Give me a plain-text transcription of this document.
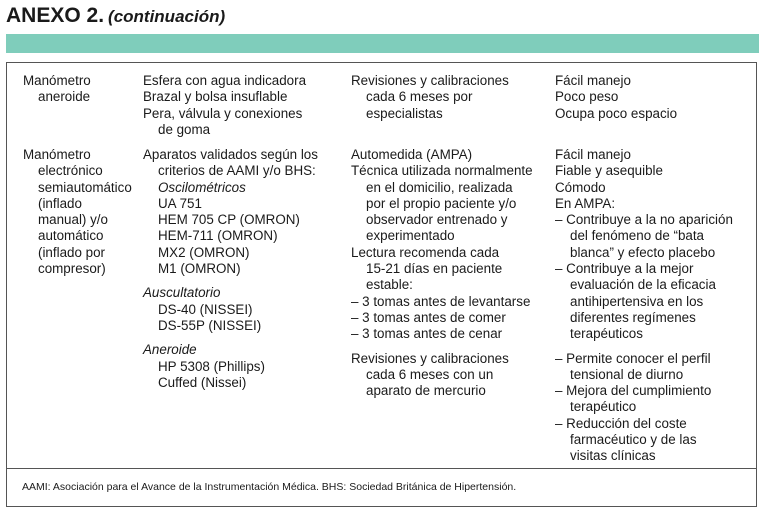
ANEXO 2. (continuación)
Manómetro
aneroide
Esfera con agua indicadora
Brazal y bolsa insuflable
Pera, válvula y conexiones
de goma
Revisiones y calibraciones
cada 6 meses por
especialistas
Fácil manejo
Poco peso
Ocupa poco espacio
Manómetro
electrónico
semiautomático
(inflado
manual) y/o
automático
(inflado por
compresor)
Aparatos validados según los
criterios de AAMI y/o BHS:
Oscilométricos
UA 751
HEM 705 CP (OMRON)
HEM-711 (OMRON)
MX2 (OMRON)
M1 (OMRON)
Auscultatorio
DS-40 (NISSEI)
DS-55P (NISSEI)
Aneroide
HP 5308 (Phillips)
Cuffed (Nissei)
Automedida (AMPA)
Técnica utilizada normalmente
en el domicilio, realizada
por el propio paciente y/o
observador entrenado y
experimentado
Lectura recomenda cada
15-21 días en paciente
estable:
– 3 tomas antes de levantarse
– 3 tomas antes de comer
– 3 tomas antes de cenar
Revisiones y calibraciones
cada 6 meses con un
aparato de mercurio
Fácil manejo
Fiable y asequible
Cómodo
En AMPA:
– Contribuye a la no aparición
del fenómeno de “bata
blanca” y efecto placebo
– Contribuye a la mejor
evaluación de la eficacia
antihipertensiva en los
diferentes regímenes
terapéuticos
– Permite conocer el perfil
tensional de diurno
– Mejora del cumplimiento
terapéutico
– Reducción del coste
farmacéutico y de las
visitas clínicas
AAMI: Asociación para el Avance de la Instrumentación Médica. BHS: Sociedad Británica de Hipertensión.
